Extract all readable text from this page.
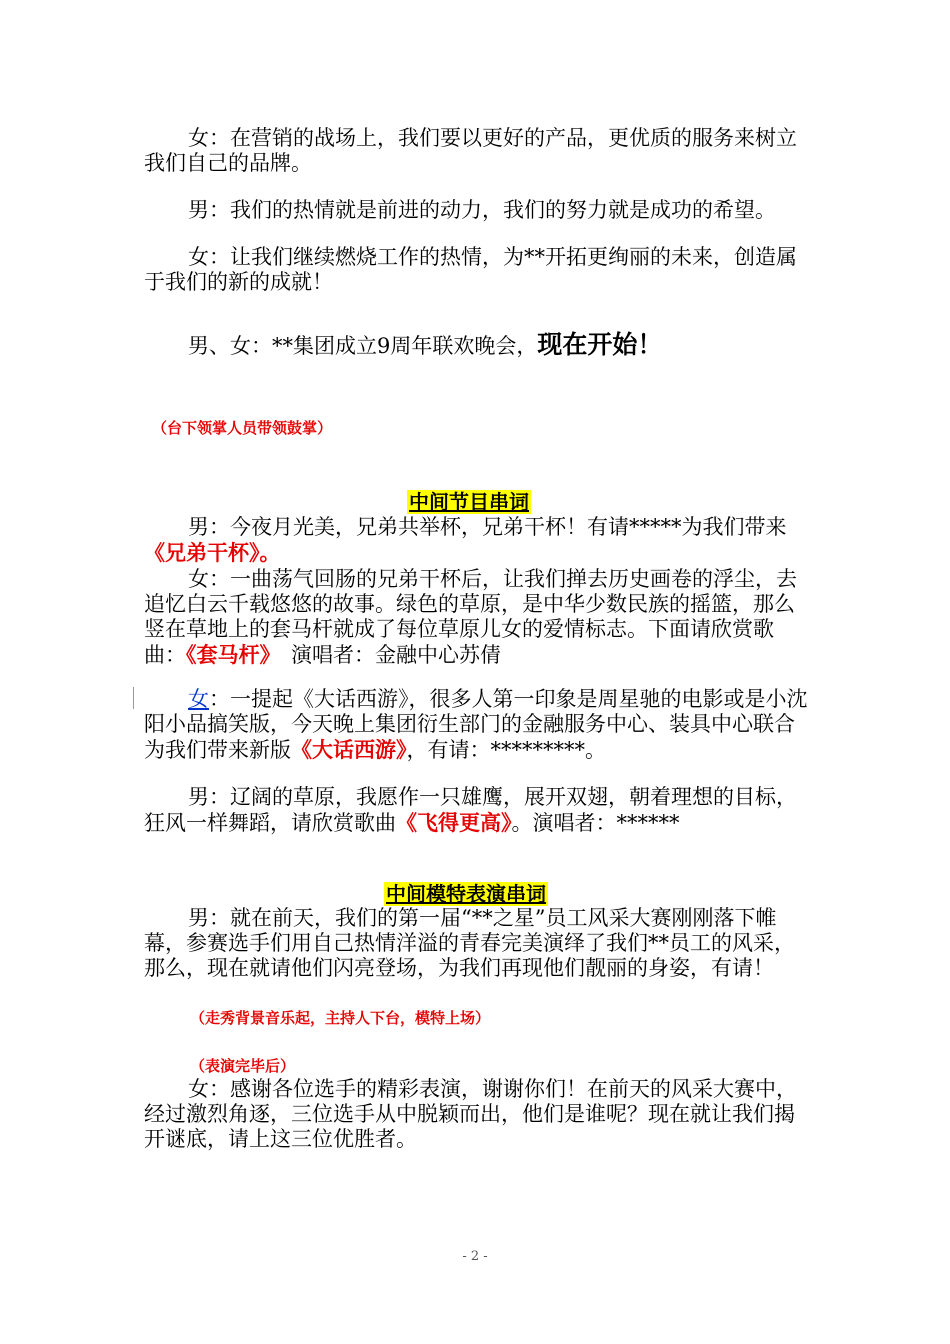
女：在营销的战场上，我们要以更好的产品，更优质的服务来树立我们自己的品牌。

男：我们的热情就是前进的动力，我们的努力就是成功的希望。

女：让我们继续燃烧工作的热情，为**开拓更绚丽的未来，创造属于我们的新的成就！

男、女：**集团成立9周年联欢晚会，现在开始！

（台下领掌人员带领鼓掌）
中间节目串词

男：今夜月光美，兄弟共举杯，兄弟干杯！有请*****为我们带来《兄弟干杯》。

女：一曲荡气回肠的兄弟干杯后，让我们掸去历史画卷的浮尘，去追忆白云千载悠悠的故事。绿色的草原，是中华少数民族的摇篮，那么竖在草地上的套马杆就成了每位草原儿女的爱情标志。下面请欣赏歌曲：《套马杆》　演唱者：金融中心苏倩

女：一提起《大话西游》，很多人第一印象是周星驰的电影或是小沈阳小品搞笑版，今天晚上集团衍生部门的金融服务中心、装具中心联合为我们带来新版《大话西游》，有请：*********。

男：辽阔的草原，我愿作一只雄鹰，展开双翅，朝着理想的目标，狂风一样舞蹈，请欣赏歌曲《飞得更高》。演唱者：******

中间模特表演串词

男：就在前天，我们的第一届“**之星”员工风采大赛刚刚落下帷幕，参赛选手们用自己热情洋溢的青春完美演绎了我们**员工的风采，那么，现在就请他们闪亮登场，为我们再现他们靓丽的身姿，有请！

（走秀背景音乐起，主持人下台，模特上场）
（表演完毕后）

女：感谢各位选手的精彩表演，谢谢你们！在前天的风采大赛中，经过激烈角逐，三位选手从中脱颖而出，他们是谁呢？现在就让我们揭开谜底，请上这三位优胜者。

- 2 -
